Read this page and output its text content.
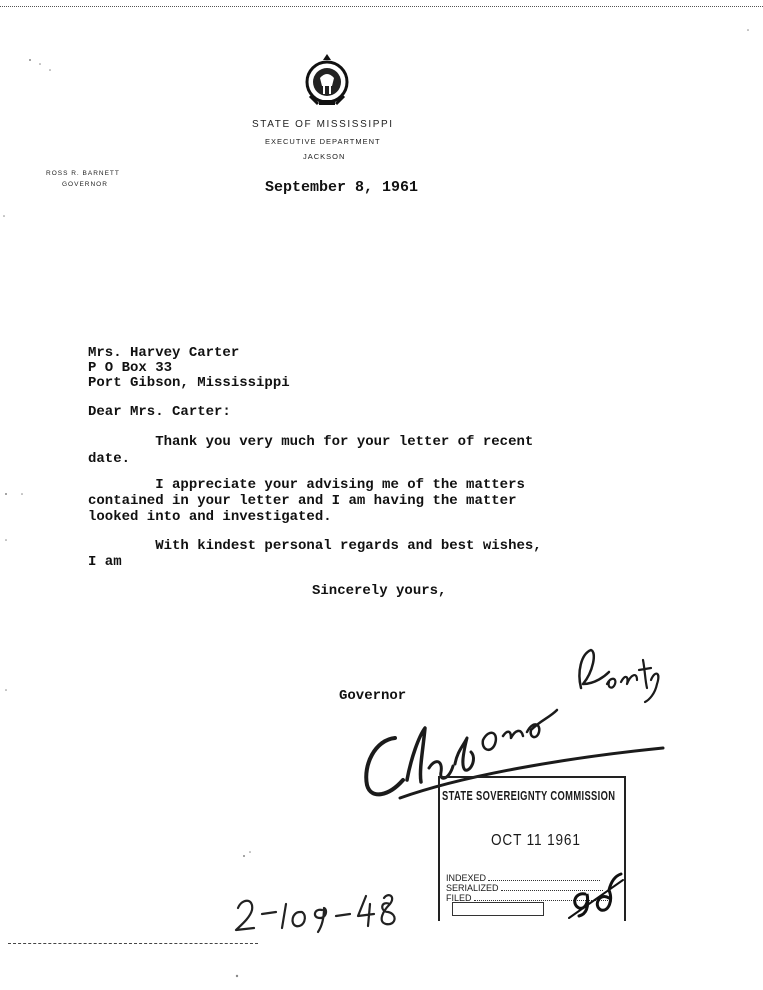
STATE OF MISSISSIPPI
EXECUTIVE DEPARTMENT
JACKSON
ROSS R. BARNETT
GOVERNOR	September 8, 1961
Mrs. Harvey Carter
P O Box 33
Port Gibson, Mississippi
Dear Mrs. Carter:
Thank you very much for your letter of recent
date.
I appreciate your advising me of the matters
contained in your letter and I am having the matter
looked into and investigated.
With kindest personal regards and best wishes,
I am
Sincerely yours,
Governor
STATE SOVEREIGNTY COMMISSION
OCT 11 1961
INDEXED
SERIALIZED
FILED
